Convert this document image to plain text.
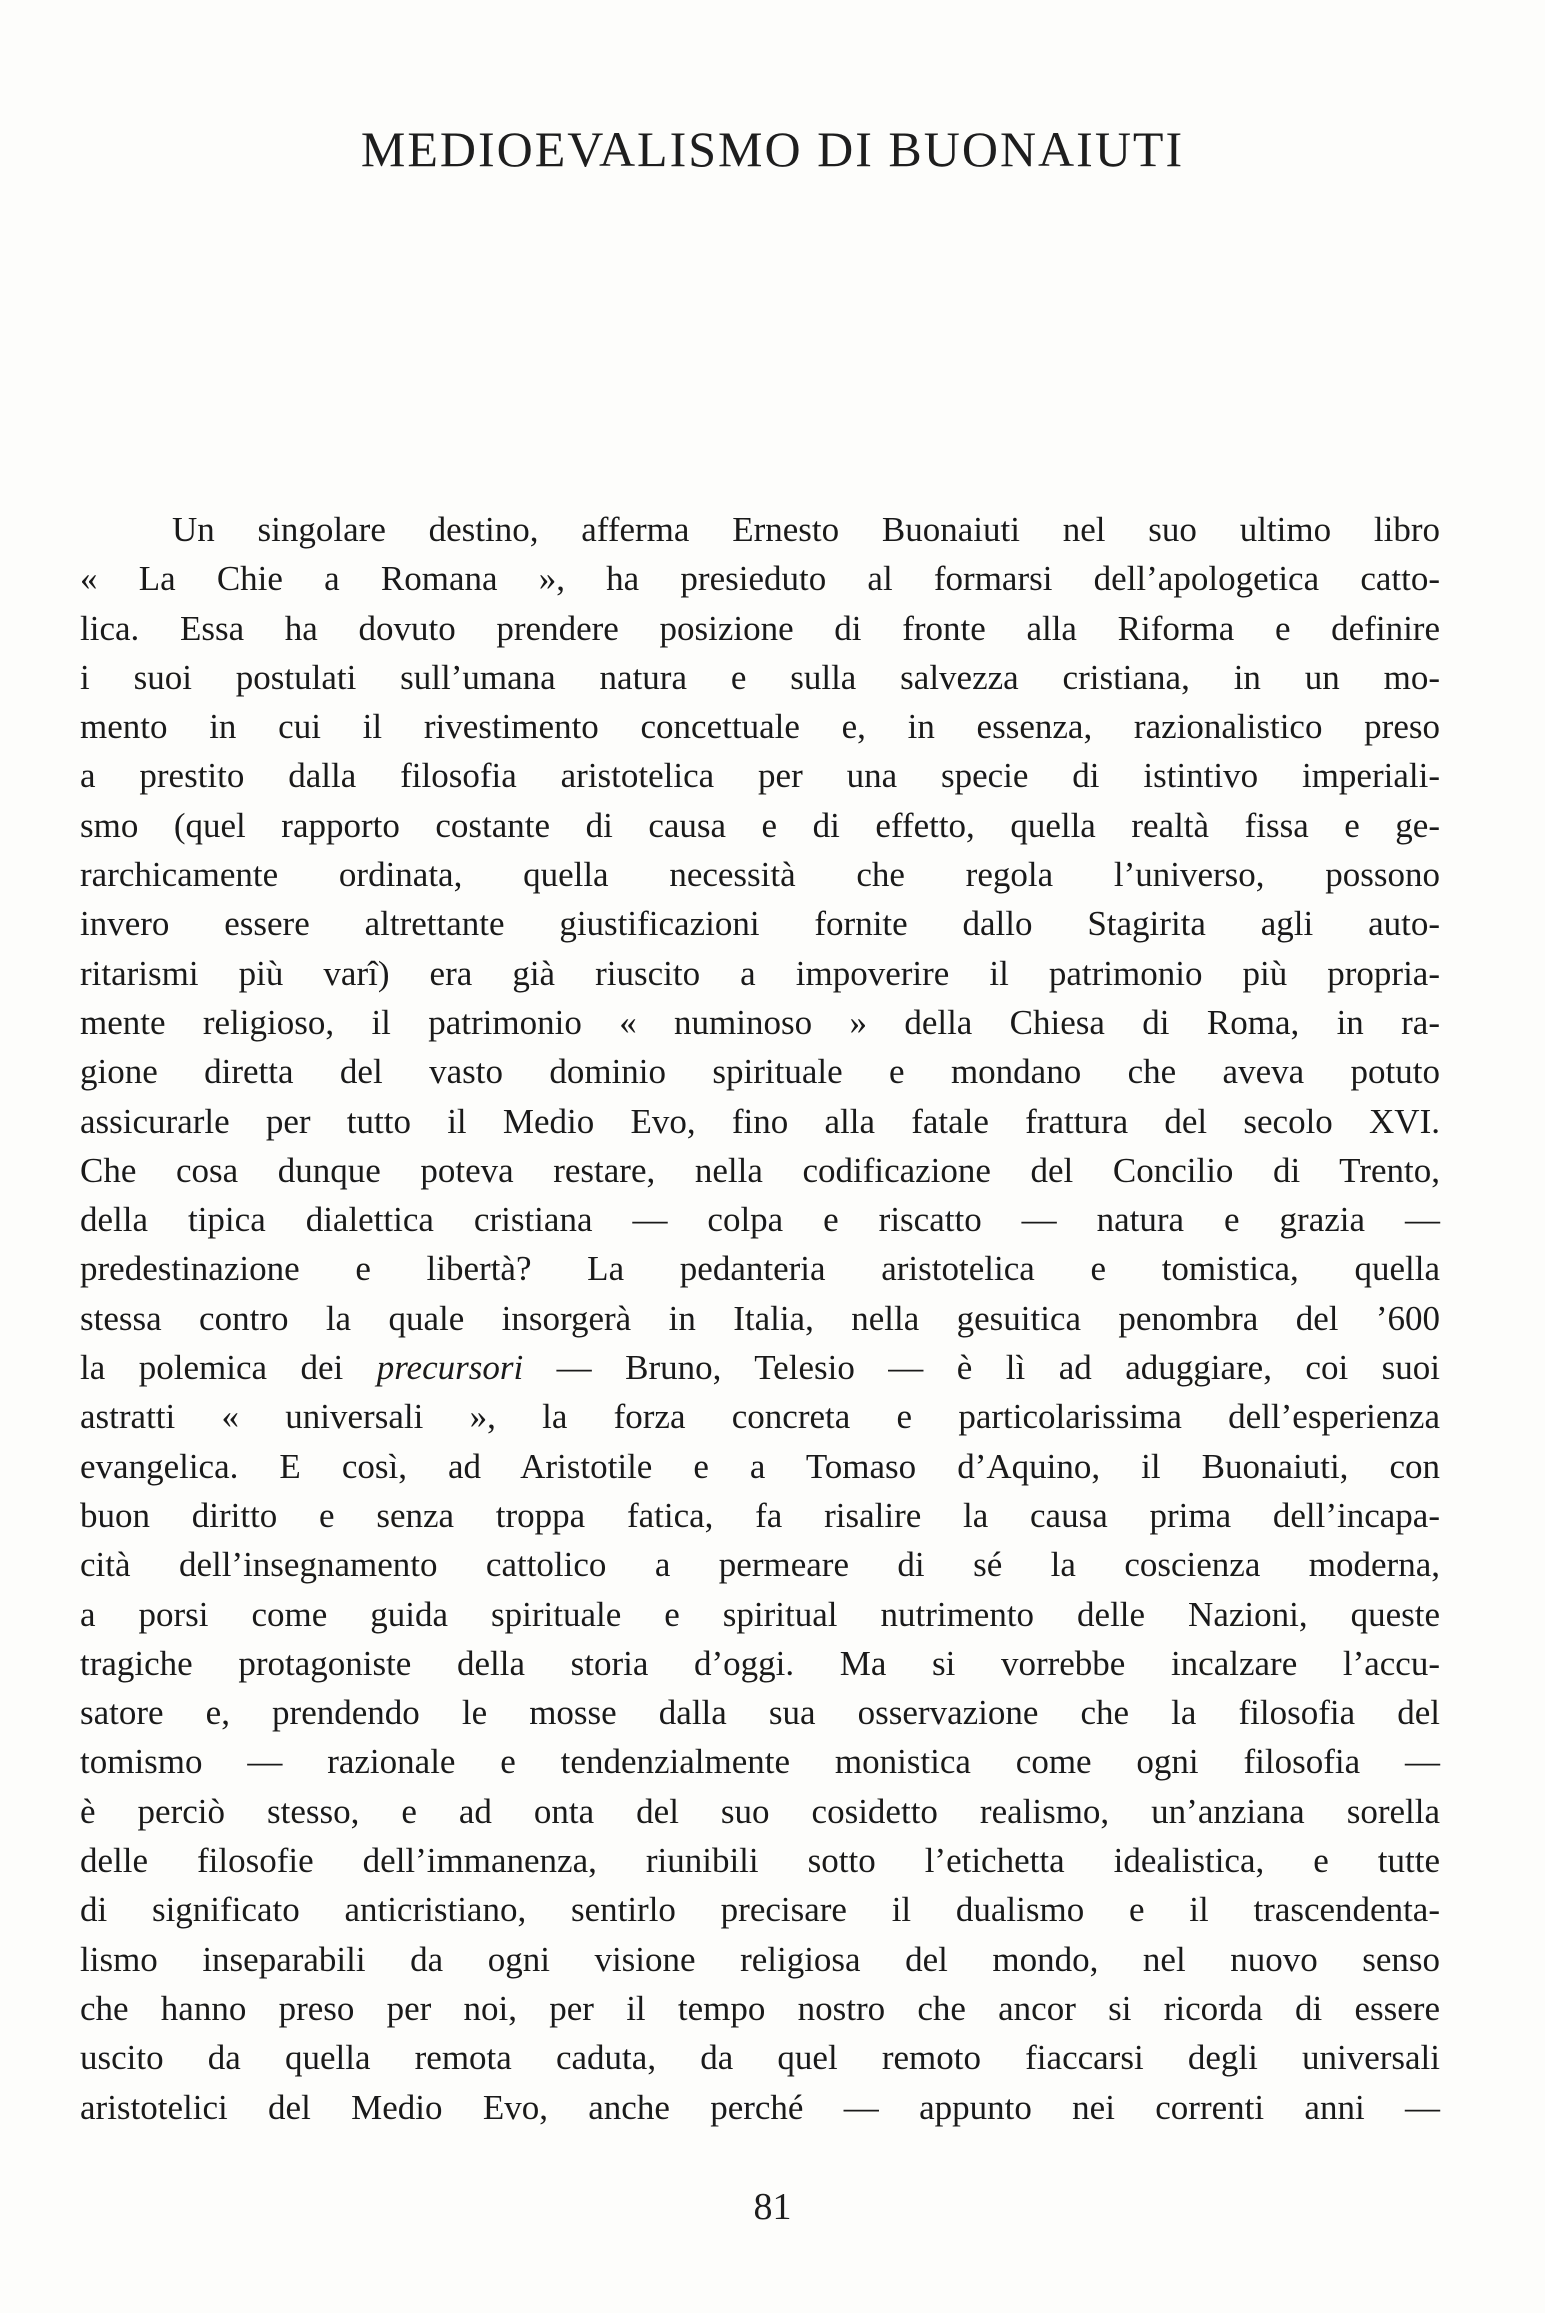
MEDIOEVALISMO DI BUONAIUTI
Un singolare destino, afferma Ernesto Buonaiuti nel suo ultimo libro
« La Chie a Romana », ha presieduto al formarsi dell’apologetica catto-
lica. Essa ha dovuto prendere posizione di fronte alla Riforma e definire
i suoi postulati sull’umana natura e sulla salvezza cristiana, in un mo-
mento in cui il rivestimento concettuale e, in essenza, razionalistico preso
a prestito dalla filosofia aristotelica per una specie di istintivo imperiali-
smo (quel rapporto costante di causa e di effetto, quella realtà fissa e ge-
rarchicamente ordinata, quella necessità che regola l’universo, possono
invero essere altrettante giustificazioni fornite dallo Stagirita agli auto-
ritarismi più varî) era già riuscito a impoverire il patrimonio più propria-
mente religioso, il patrimonio « numinoso » della Chiesa di Roma, in ra-
gione diretta del vasto dominio spirituale e mondano che aveva potuto
assicurarle per tutto il Medio Evo, fino alla fatale frattura del secolo XVI.
Che cosa dunque poteva restare, nella codificazione del Concilio di Trento,
della tipica dialettica cristiana — colpa e riscatto — natura e grazia —
predestinazione e libertà? La pedanteria aristotelica e tomistica, quella
stessa contro la quale insorgerà in Italia, nella gesuitica penombra del ’600
la polemica dei precursori — Bruno, Telesio — è lì ad aduggiare, coi suoi
astratti « universali », la forza concreta e particolarissima dell’esperienza
evangelica. E così, ad Aristotile e a Tomaso d’Aquino, il Buonaiuti, con
buon diritto e senza troppa fatica, fa risalire la causa prima dell’incapa-
cità dell’insegnamento cattolico a permeare di sé la coscienza moderna,
a porsi come guida spirituale e spiritual nutrimento delle Nazioni, queste
tragiche protagoniste della storia d’oggi. Ma si vorrebbe incalzare l’accu-
satore e, prendendo le mosse dalla sua osservazione che la filosofia del
tomismo — razionale e tendenzialmente monistica come ogni filosofia —
è perciò stesso, e ad onta del suo cosidetto realismo, un’anziana sorella
delle filosofie dell’immanenza, riunibili sotto l’etichetta idealistica, e tutte
di significato anticristiano, sentirlo precisare il dualismo e il trascendenta-
lismo inseparabili da ogni visione religiosa del mondo, nel nuovo senso
che hanno preso per noi, per il tempo nostro che ancor si ricorda di essere
uscito da quella remota caduta, da quel remoto fiaccarsi degli universali
aristotelici del Medio Evo, anche perché — appunto nei correnti anni —
81
